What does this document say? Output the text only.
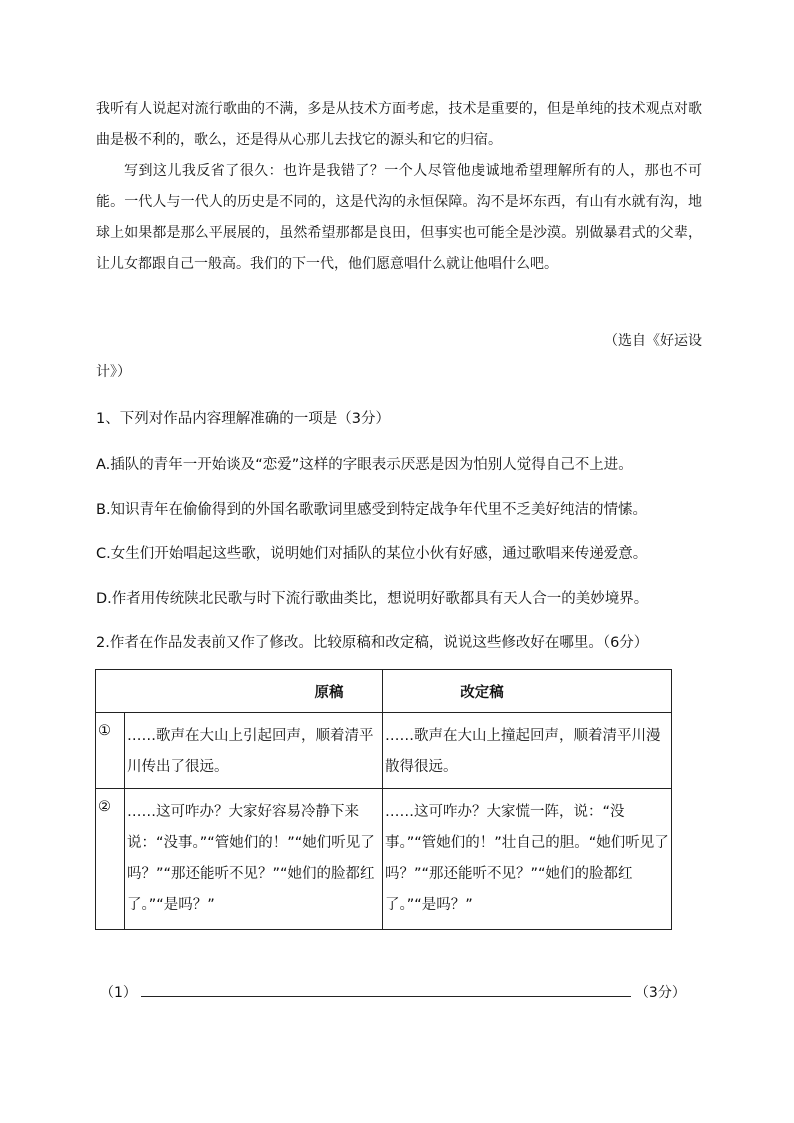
我听有人说起对流行歌曲的不满，多是从技术方面考虑，技术是重要的，但是单纯的技术观点对歌曲是极不利的，歌么，还是得从心那儿去找它的源头和它的归宿。

写到这儿我反省了很久：也许是我错了？一个人尽管他虔诚地希望理解所有的人，那也不可能。一代人与一代人的历史是不同的，这是代沟的永恒保障。沟不是坏东西，有山有水就有沟，地球上如果都是那么平展展的，虽然希望那都是良田，但事实也可能全是沙漠。别做暴君式的父辈，让儿女都跟自己一般高。我们的下一代，他们愿意唱什么就让他唱什么吧。

（选自《好运设
计》）
1、下列对作品内容理解准确的一项是（3分）
A.插队的青年一开始谈及“恋爱”这样的字眼表示厌恶是因为怕别人觉得自己不上进。
B.知识青年在偷偷得到的外国名歌歌词里感受到特定战争年代里不乏美好纯洁的情愫。
C.女生们开始唱起这些歌，说明她们对插队的某位小伙有好感，通过歌唱来传递爱意。
D.作者用传统陕北民歌与时下流行歌曲类比，想说明好歌都具有天人合一的美妙境界。
2.作者在作品发表前又作了修改。比较原稿和改定稿，说说这些修改好在哪里。（6分）
原稿		改定稿
①	……歌声在大山上引起回声，顺着清平川传出了很远。	……歌声在大山上撞起回声，顺着清平川漫散得很远。
②	……这可咋办？大家好容易冷静下来说：“没事。”“管她们的！”“她们听见了吗？”“那还能听不见？”“她们的脸都红了。”“是吗？”	……这可咋办？大家慌一阵，说：“没事。”“管她们的！”壮自己的胆。“她们听见了吗？”“那还能听不见？”“她们的脸都红了。”“是吗？”
（1）	（3分）
